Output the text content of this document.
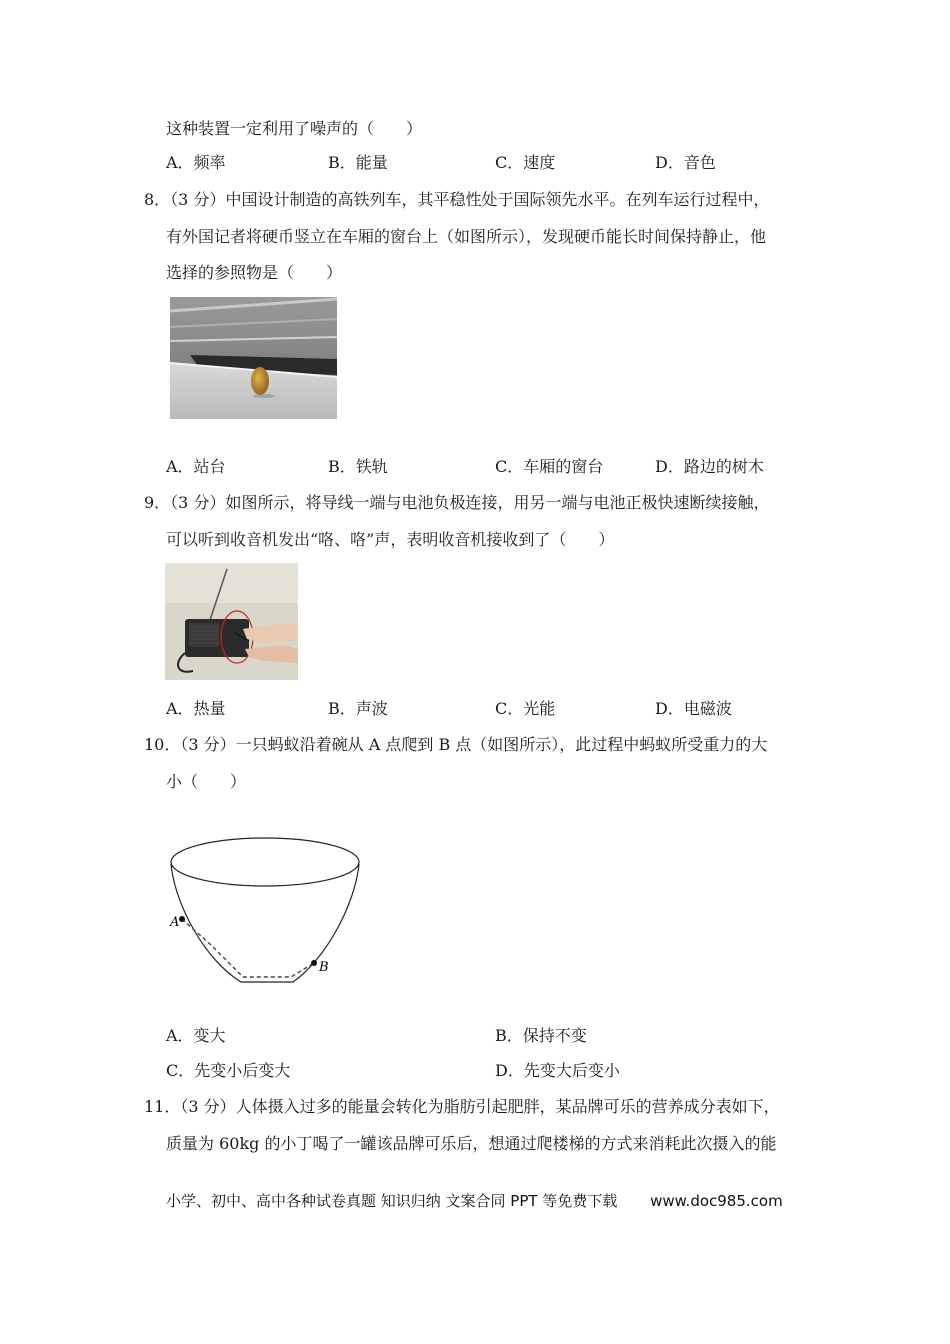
这种装置一定利用了噪声的（　　）
A．频率	B．能量	C．速度	D．音色
8．（3 分）中国设计制造的高铁列车，其平稳性处于国际领先水平。在列车运行过程中，
有外国记者将硬币竖立在车厢的窗台上（如图所示），发现硬币能长时间保持静止，他
选择的参照物是（　　）
A．站台	B．铁轨	C．车厢的窗台	D．路边的树木
9．（3 分）如图所示，将导线一端与电池负极连接，用另一端与电池正极快速断续接触，
可以听到收音机发出“咯、咯”声，表明收音机接收到了（　　）
A．热量	B．声波	C．光能	D．电磁波
10．（3 分）一只蚂蚁沿着碗从 A 点爬到 B 点（如图所示），此过程中蚂蚁所受重力的大
小（　　）
A
B
A．变大	B．保持不变
C．先变小后变大	D．先变大后变小
11．（3 分）人体摄入过多的能量会转化为脂肪引起肥胖，某品牌可乐的营养成分表如下，
质量为 60kg 的小丁喝了一罐该品牌可乐后，想通过爬楼梯的方式来消耗此次摄入的能
小学、初中、高中各种试卷真题 知识归纳 文案合同 PPT 等免费下载 www.doc985.com
